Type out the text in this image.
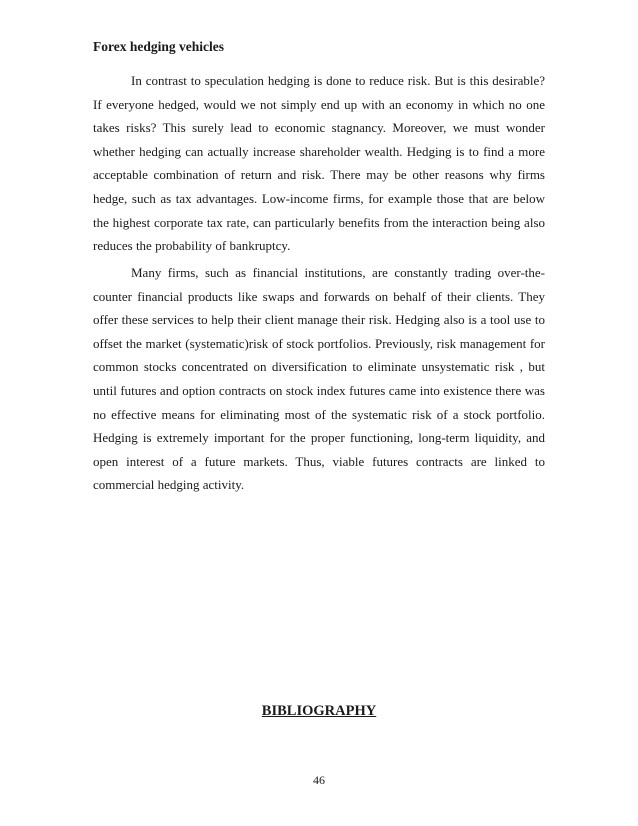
Forex hedging vehicles

In contrast to speculation hedging is done to reduce risk. But is this desirable? If everyone hedged, would we not simply end up with an economy in which no one takes risks? This surely lead to economic stagnancy. Moreover, we must wonder whether hedging can actually increase shareholder wealth. Hedging is to find a more acceptable combination of return and risk. There may be other reasons why firms hedge, such as tax advantages. Low-income firms, for example those that are below the highest corporate tax rate, can particularly benefits from the interaction being also reduces the probability of bankruptcy.

Many firms, such as financial institutions, are constantly trading over-the-counter financial products like swaps and forwards on behalf of their clients. They offer these services to help their client manage their risk. Hedging also is a tool use to offset the market (systematic)risk of stock portfolios. Previously, risk management for common stocks concentrated on diversification to eliminate unsystematic risk , but until futures and option contracts on stock index futures came into existence there was no effective means for eliminating most of the systematic risk of a stock portfolio. Hedging is extremely important for the proper functioning, long-term liquidity, and open interest of a future markets. Thus, viable futures contracts are linked to commercial hedging activity.

BIBLIOGRAPHY
46
